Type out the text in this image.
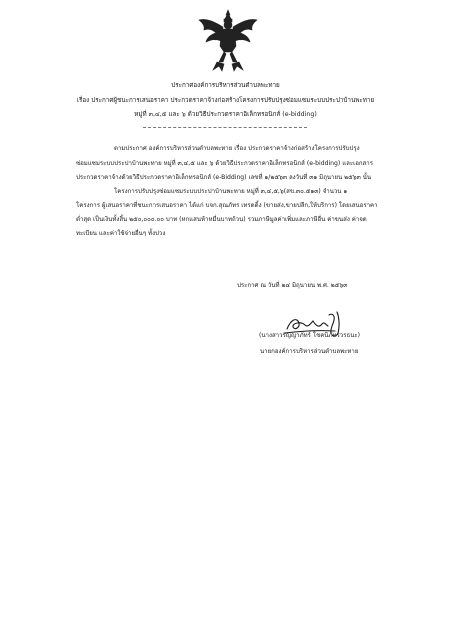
ประกาศองค์การบริหารส่วนตำบลพะทาย
เรื่อง ประกาศผู้ชนะการเสนอราคา ประกวดราคาจ้างก่อสร้างโครงการปรับปรุงซ่อมแซมระบบประปาบ้านพะทาย
หมู่ที่ ๓,๔,๕ และ ๖ ด้วยวิธีประกวดราคาอิเล็กทรอนิกส์ (e-bidding)
ตามประกาศ องค์การบริหารส่วนตำบลพะทาย เรื่อง ประกวดราคาจ้างก่อสร้างโครงการปรับปรุง
ซ่อมแซมระบบประปาบ้านพะทาย หมู่ที่ ๓,๔,๕ และ ๖ ด้วยวิธีประกวดราคาอิเล็กทรอนิกส์ (e-bidding) และเอกสาร
ประกวดราคาจ้างด้วยวิธีประกวดราคาอิเล็กทรอนิกส์ (e-Bidding) เลขที่ ๑/๒๕๖๓ ลงวันที่ ๓๑ มิถุนายน ๒๕๖๓ นั้น
โครงการปรับปรุงซ่อมแซมระบบประปาบ้านพะทาย หมู่ที่ ๓,๔,๕,๖(สข.๓๐.๕๑๓) จำนวน ๑
โครงการ ผู้เสนอราคาที่ชนะการเสนอราคา ได้แก่ บจก.สุณภัทร เทรดดิ้ง (ขายส่ง,ขายปลีก,ให้บริการ) โดยเสนอราคา
ต่ำสุด เป็นเงินทั้งสิ้น ๒๕๐,๐๐๐.๐๐ บาท (หกแสนห้าหมื่นบาทถ้วน) รวมภาษีมูลค่าเพิ่มและภาษีอื่น ค่าขนส่ง ค่าจด
ทะเบียน และค่าใช้จ่ายอื่นๆ ทั้งปวง
ประกาศ ณ วันที่ ๒๔ มิถุนายน พ.ศ. ๒๕๖๓
(นางสาวรัญญาภัทร์ โชคนิภัทรวรธนะ)
นายกองค์การบริหารส่วนตำบลพะทาย
